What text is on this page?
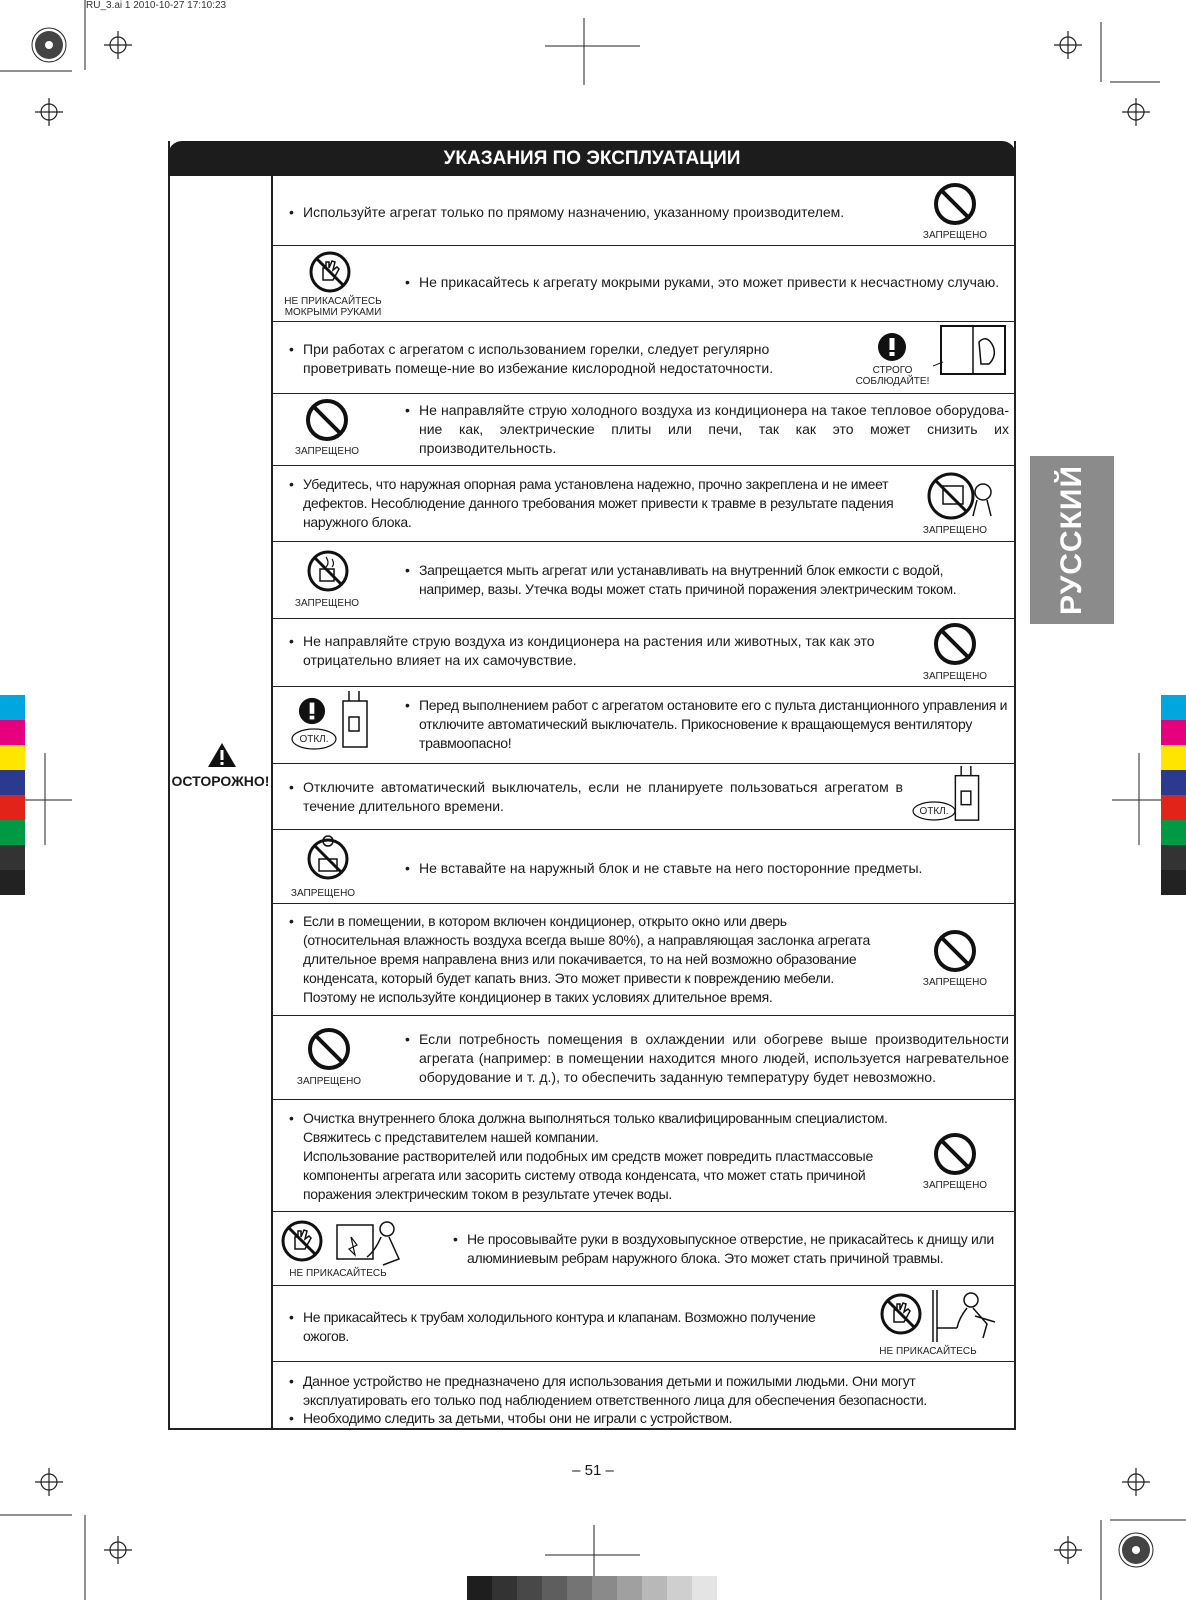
RU_3.ai 1 2010-10-27 17:10:23
УКАЗАНИЯ ПО ЭКСПЛУАТАЦИИ
ОСТОРОЖНО!
• Используйте агрегат только по прямому назначению, указанному производителем.
ЗАПРЕЩЕНО
НЕ ПРИКАСАЙТЕСЬ
МОКРЫМИ РУКАМИ
• Не прикасайтесь к агрегату мокрыми руками, это может привести к несчастному случаю.
• При работах с агрегатом с использованием горелки, следует регулярно проветривать помеще-ние во избежание кислородной недостаточности.	СТРОГО
СОБЛЮДАЙТЕ!
ЗАПРЕЩЕНО
• Не направляйте струю холодного воздуха из кондиционера на такое тепловое оборудова-ние как, электрические плиты или печи, так как это может снизить их производительность.
• Убедитесь, что наружная опорная рама установлена надежно, прочно закреплена и не имеет дефектов. Несоблюдение данного требования может привести к травме в результате падения наружного блока.
ЗАПРЕЩЕНО
ЗАПРЕЩЕНО
• Запрещается мыть агрегат или устанавливать на внутренний блок емкости с водой, например, вазы. Утечка воды может стать причиной поражения электрическим током.
• Не направляйте струю воздуха из кондиционера на растения или животных, так как это отрицательно влияет на их самочувствие.
ЗАПРЕЩЕНО
ОТКЛ.
• Перед выполнением работ с агрегатом остановите его с пульта дистанционного управления и отключите автоматический выключатель. Прикосновение к вращающемуся вентилятору травмоопасно!
• Отключите автоматический выключатель, если не планируете пользоваться агрегатом в течение длительного времени.	ОТКЛ.
ЗАПРЕЩЕНО
• Не вставайте на наружный блок и не ставьте на него посторонние предметы.
• Если в помещении, в котором включен кондиционер, открыто окно или дверь (относительная влажность воздуха всегда выше 80%), а направляющая заслонка агрегата длительное время направлена вниз или покачивается, то на ней возможно образование конденсата, который будет капать вниз. Это может привести к повреждению мебели. Поэтому не используйте кондиционер в таких условиях длительное время.
ЗАПРЕЩЕНО
ЗАПРЕЩЕНО
• Если потребность помещения в охлаждении или обогреве выше производительности агрегата (например: в помещении находится много людей, используется нагревательное оборудование и т. д.), то обеспечить заданную температуру будет невозможно.
• Очистка внутреннего блока должна выполняться только квалифицированным специалистом.
Свяжитесь с представителем нашей компании.
Использование растворителей или подобных им средств может повредить пластмассовые компоненты агрегата или засорить систему отвода конденсата, что может стать причиной поражения электрическим током в результате утечек воды.
ЗАПРЕЩЕНО
НЕ ПРИКАСАЙТЕСЬ
• Не просовывайте руки в воздуховыпускное отверстие, не прикасайтесь к днищу или алюминиевым ребрам наружного блока. Это может стать причиной травмы.
• Не прикасайтесь к трубам холодильного контура и клапанам. Возможно получение ожогов.
НЕ ПРИКАСАЙТЕСЬ
• Данное устройство не предназначено для использования детьми и пожилыми людьми. Они могут эксплуатировать его только под наблюдением ответственного лица для обеспечения безопасности.
• Необходимо следить за детьми, чтобы они не играли с устройством.
РУССКИЙ
– 51 –
